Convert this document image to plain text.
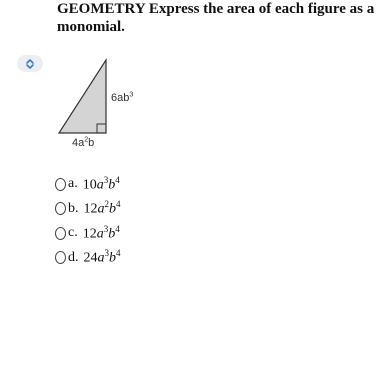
GEOMETRY Express the area of each figure as a monomial.
$6ab^3$
$4a^2b$
a. $10a^3b^4$
b. $12a^2b^4$
c. $12a^3b^4$
d. $24a^3b^4$
